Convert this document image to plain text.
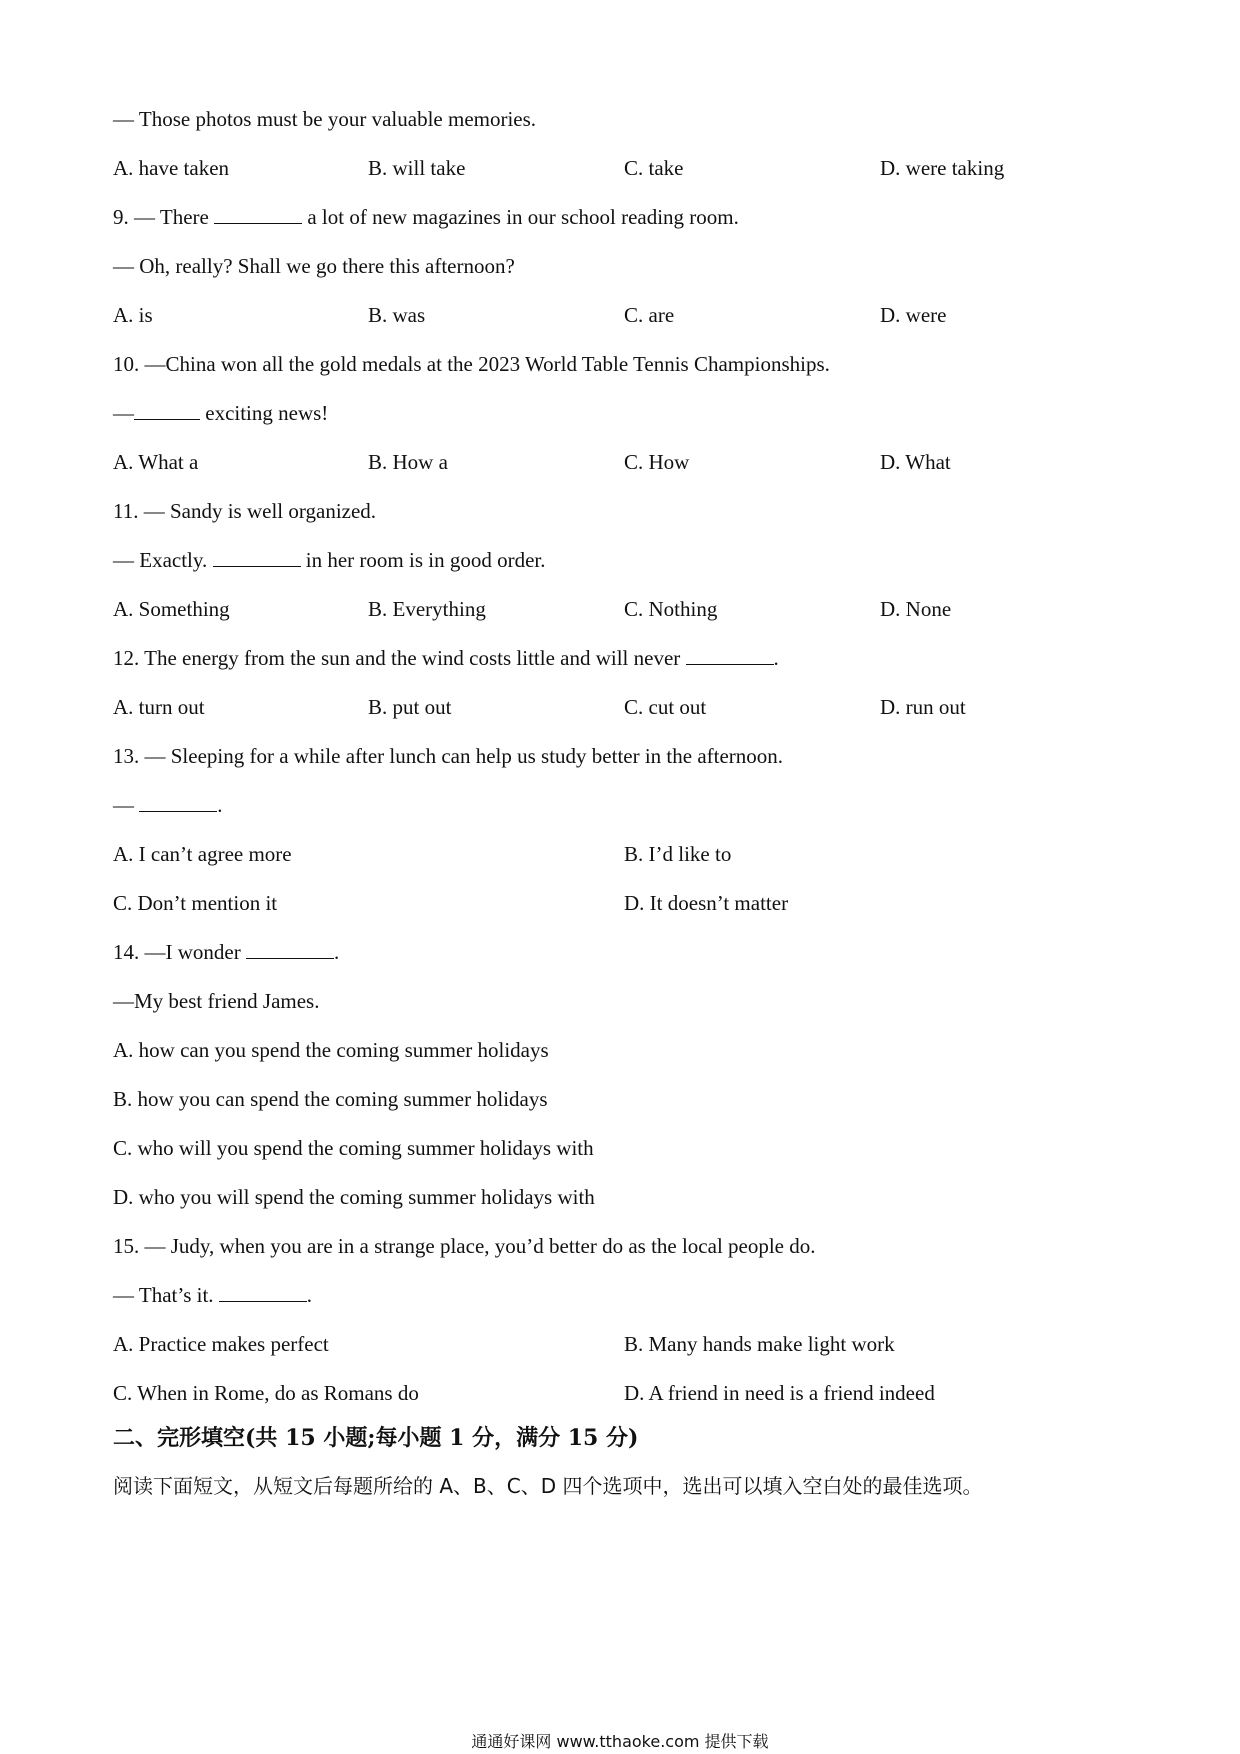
— Those photos must be your valuable memories.
A. have taken	B. will take	C. take	D. were taking
9. — There	a lot of new magazines in our school reading room.
— Oh, really? Shall we go there this afternoon?
A. is	B. was	C. are	D. were
10. —China won all the gold medals at the 2023 World Table Tennis Championships.
—	exciting news!
A. What a	B. How a	C. How	D. What
11. — Sandy is well organized.
— Exactly.	in her room is in good order.
A. Something	B. Everything	C. Nothing	D. None
12. The energy from the sun and the wind costs little and will never	.
A. turn out	B. put out	C. cut out	D. run out
13. — Sleeping for a while after lunch can help us study better in the afternoon.
—	.
A. I can’t agree more	B. I’d like to
C. Don’t mention it	D. It doesn’t matter
14. —I wonder	.
—My best friend James.
A. how can you spend the coming summer holidays
B. how you can spend the coming summer holidays
C. who will you spend the coming summer holidays with
D. who you will spend the coming summer holidays with
15. — Judy, when you are in a strange place, you’d better do as the local people do.
— That’s it.	.
A. Practice makes perfect	B. Many hands make light work
C. When in Rome, do as Romans do	D. A friend in need is a friend indeed
二、完形填空(共 15 小题;每小题 1 分，满分 15 分)
阅读下面短文，从短文后每题所给的 A、B、C、D 四个选项中，选出可以填入空白处的最佳选项。
通通好课网 www.tthaoke.com 提供下载
